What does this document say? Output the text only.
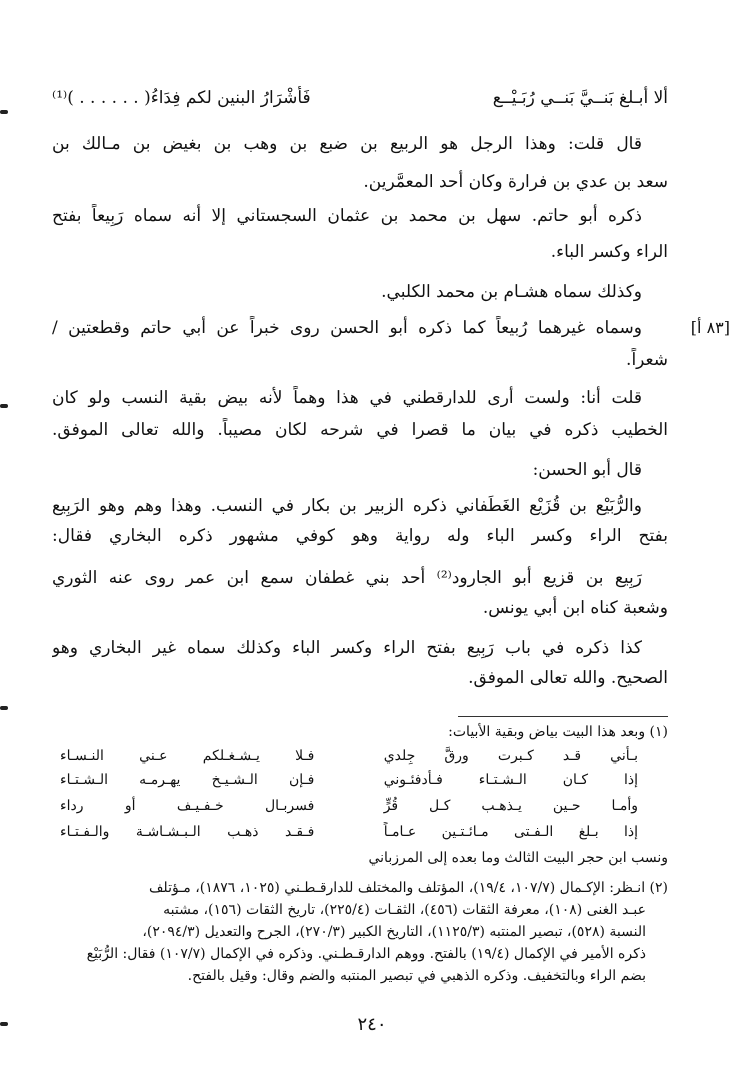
ألا أبـلغ بَنــيَّ بَنــي رُبَـيْــع
فَأَشْرَارُ البنين لكم فِدَاءُ( . . . . . . )⁽¹⁾
قال قلت: وهذا الرجل هو الربيع بن ضبع بن وهب بن بغيض بن مـالك بن
سعد بن عدي بن فرارة وكان أحد المعمَّرين.
ذكره أبو حاتم. سهل بن محمد بن عثمان السجستاني إلا أنه سماه رَبِيعاً بفتح
الراء وكسر الباء.
وكذلك سماه هشـام بن محمد الكلبي.
وسماه غيرهما رُبيعاً كما ذكره أبو الحسن روى خبراً عن أبي حاتم وقطعتين /
شعراً.
قلت أنا: ولست أرى للدارقطني في هذا وهماً لأنه بيض بقية النسب ولو كان
الخطيب ذكره في بيان ما قصرا في شرحه لكان مصيباً. والله تعالى الموفق.
قال أبو الحسن:
والرُّبَيْع بن قُزَيْع الغَطَفاني ذكره الزبير بن بكار في النسب. وهذا وهم وهو الرَبِيع
بفتح الراء وكسر الباء وله رواية وهو كوفي مشهور ذكره البخاري فقال:
رَبِيع بن قزيع أبو الجارود⁽²⁾ أحد بني غطفان سمع ابن عمر روى عنه الثوري
وشعبة كناه ابن أبي يونس.
كذا ذكره في باب رَبِيع بفتح الراء وكسر الباء وكذلك سماه غير البخاري وهو
الصحيح. والله تعالى الموفق.
[٨٣ أ]
(١) وبعد هذا البيت بياض وبقية الأبيات:
بـأني قـد كـبرت ورقَّ جِلدي
فـلا يـشـغـلكم عـني النـسـاء
إذا كـان الـشـتـاء فـأدفئـوني
فـإن الـشـيـخ يهـرمـه الـشـتـاء
وأمـا حـين يـذهـب كـل قُرٍّ
فسربـال خـفـيـف أو رداء
إذا بـلغ الـفـتى مـائـتـين عـامـاً
فـقـد ذهـب الـبـشـاشـة والـفـتـاء
ونسب ابن حجر البيت الثالث وما بعده إلى المرزباني
(٢) انـظر: الإكـمال (١٠٧/٧، ١٩/٤)، المؤتلف والمختلف للدارقـطـني (١٠٢٥، ١٨٧٦)، مـؤتلف
عبـد الغنى (١٠٨)، معرفة الثقات (٤٥٦)، الثقـات (٢٢٥/٤)، تاريخ الثقات (١٥٦)، مشتبه
النسبة (٥٢٨)، تبصير المنتبه (١١٢٥/٣)، التاريخ الكبير (٢٧٠/٣)، الجرح والتعديل (٢٠٩٤/٣)،
ذكره الأمير في الإكمال (١٩/٤) بالفتح. ووهم الدارقـطـني. وذكره في الإكمال (١٠٧/٧) فقال: الرُّبَيْع
بضم الراء وبالتخفيف. وذكره الذهبي في تبصير المنتبه والضم وقال: وقيل بالفتح.
٢٤٠
